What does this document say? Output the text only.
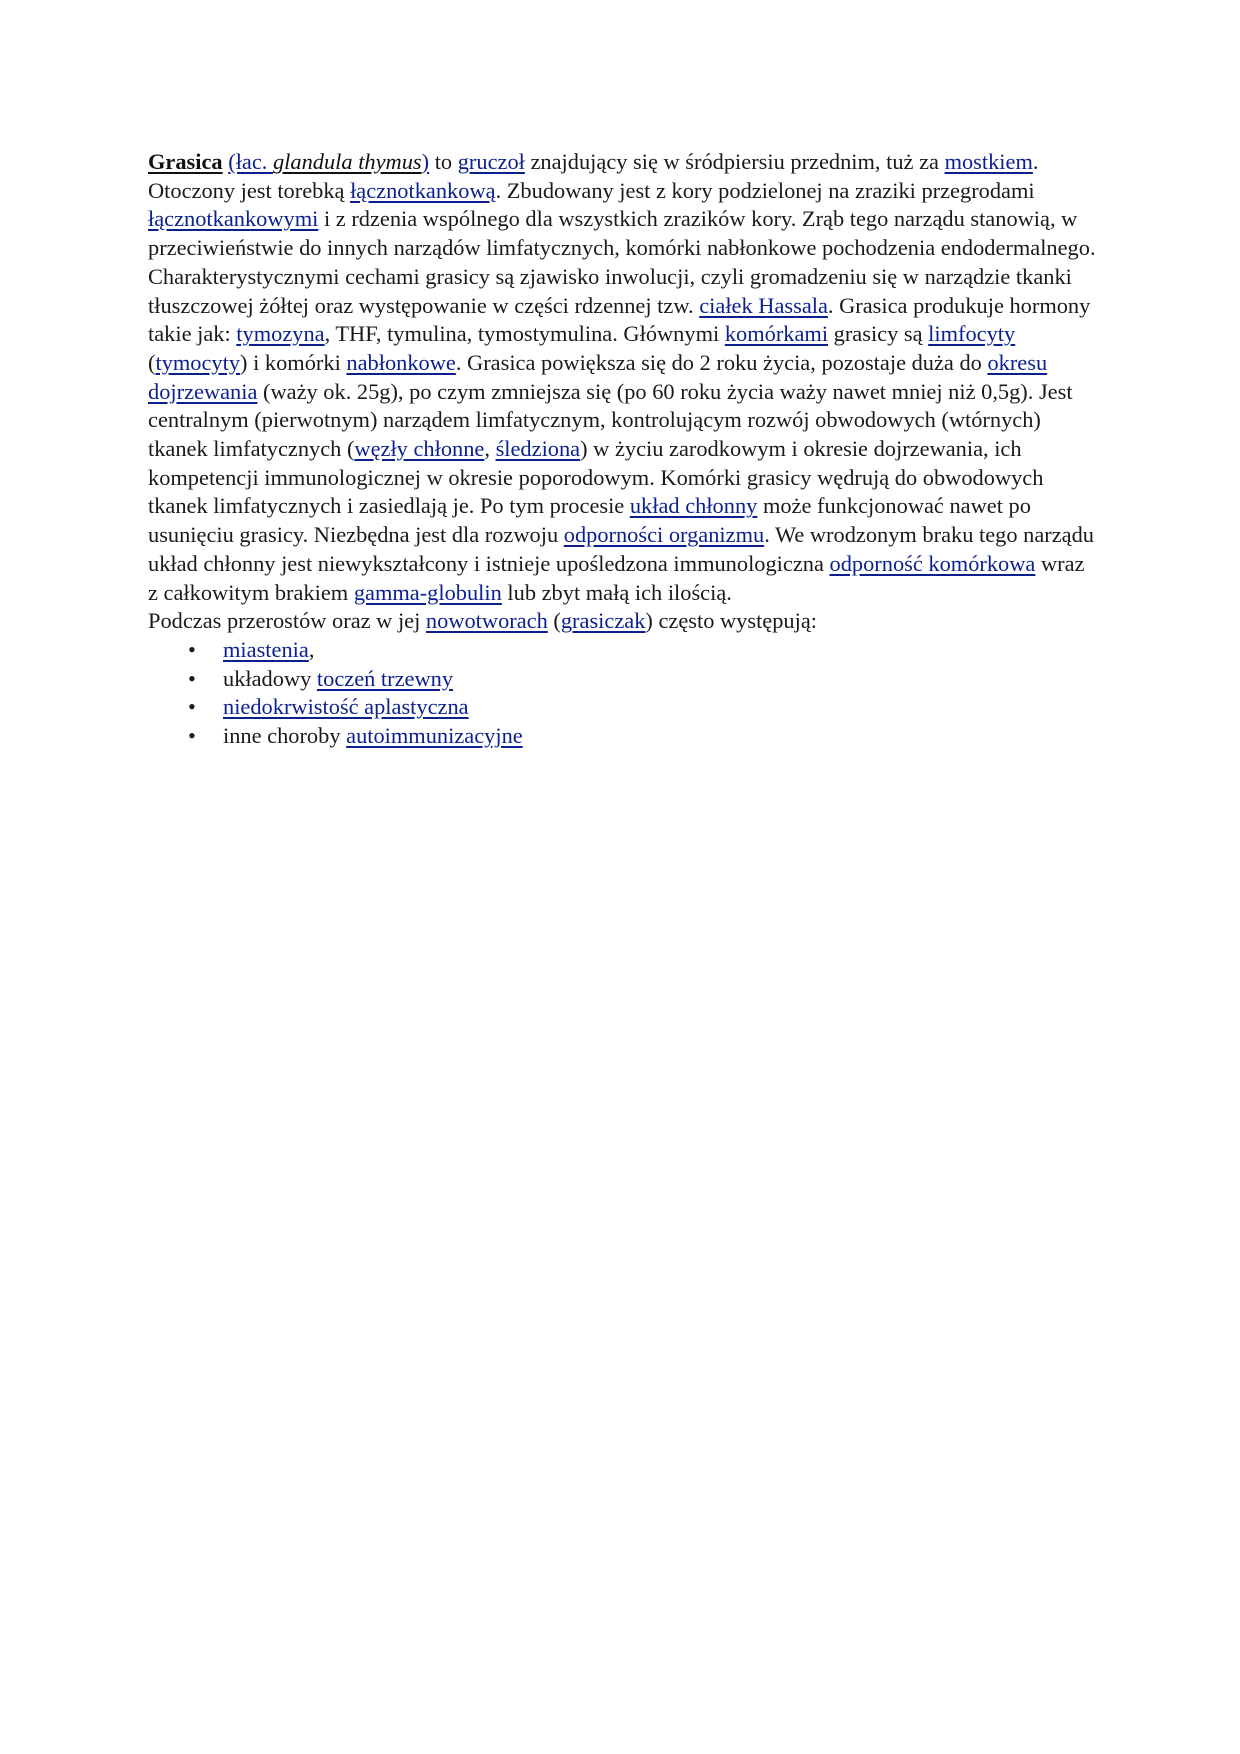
Grasica (łac. glandula thymus) to gruczoł znajdujący się w śródpiersiu przednim, tuż za mostkiem. Otoczony jest torebką łącznotkankową. Zbudowany jest z kory podzielonej na zraziki przegrodami łącznotkankowymi i z rdzenia wspólnego dla wszystkich zrazików kory. Zrąb tego narządu stanowią, w przeciwieństwie do innych narządów limfatycznych, komórki nabłonkowe pochodzenia endodermalnego. Charakterystycznymi cechami grasicy są zjawisko inwolucji, czyli gromadzeniu się w narządzie tkanki tłuszczowej żółtej oraz występowanie w części rdzennej tzw. ciałek Hassala. Grasica produkuje hormony takie jak: tymozyna, THF, tymulina, tymostymulina. Głównymi komórkami grasicy są limfocyty (tymocyty) i komórki nabłonkowe. Grasica powiększa się do 2 roku życia, pozostaje duża do okresu dojrzewania (waży ok. 25g), po czym zmniejsza się (po 60 roku życia waży nawet mniej niż 0,5g). Jest centralnym (pierwotnym) narządem limfatycznym, kontrolującym rozwój obwodowych (wtórnych) tkanek limfatycznych (węzły chłonne, śledziona) w życiu zarodkowym i okresie dojrzewania, ich kompetencji immunologicznej w okresie poporodowym. Komórki grasicy wędrują do obwodowych tkanek limfatycznych i zasiedlają je. Po tym procesie układ chłonny może funkcjonować nawet po usunięciu grasicy. Niezbędna jest dla rozwoju odporności organizmu. We wrodzonym braku tego narządu układ chłonny jest niewykształcony i istnieje upośledzona immunologiczna odporność komórkowa wraz z całkowitym brakiem gamma-globulin lub zbyt małą ich ilością.

Podczas przerostów oraz w jej nowotworach (grasiczak) często występują:

• miastenia,
• układowy toczeń trzewny
• niedokrwistość aplastyczna
• inne choroby autoimmunizacyjne
